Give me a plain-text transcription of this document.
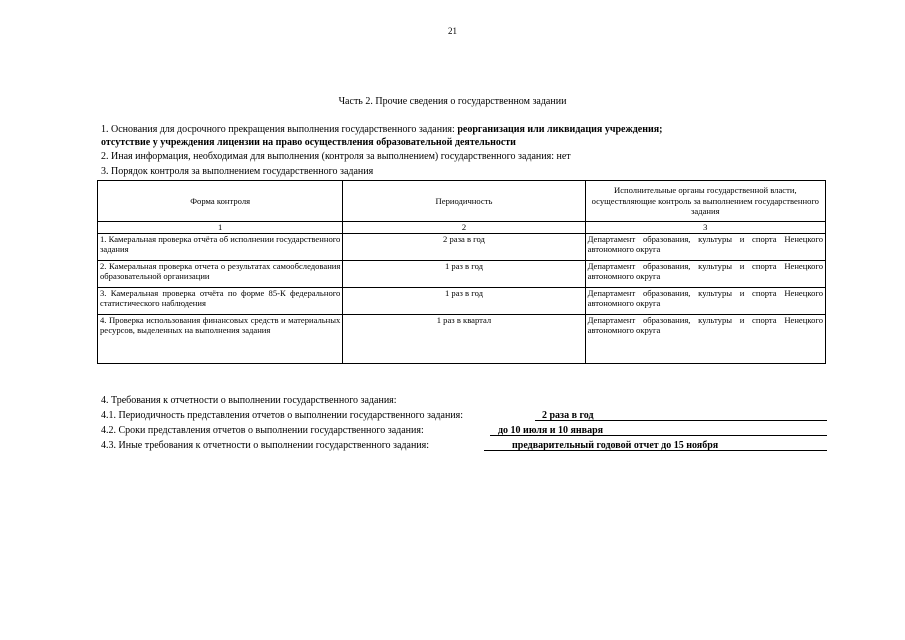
21
Часть 2. Прочие сведения о государственном задании
1. Основания для досрочного прекращения выполнения государственного задания: реорганизация или ликвидация учреждения;
отсутствие у учреждения лицензии на право осуществления образовательной деятельности
2. Иная информация, необходимая для выполнения (контроля за выполнением) государственного задания: нет
3. Порядок контроля за выполнением государственного задания
Форма контроля	Периодичность	Исполнительные органы государственной власти, осуществляющие контроль за выполнением государственного задания
1	2	3
1. Камеральная проверка отчёта об исполнении государственного задания	2 раза в год	Департамент образования, культуры и спорта Ненецкого автономного округа
2. Камеральная проверка отчета о результатах самообследования образовательной организации	1 раз в год	Департамент образования, культуры и спорта Ненецкого автономного округа
3. Камеральная проверка отчёта по форме 85-К федерального статистического наблюдения	1 раз в год	Департамент образования, культуры и спорта Ненецкого автономного округа
4. Проверка использования финансовых средств и материальных ресурсов, выделенных на выполнения задания	1 раз в квартал	Департамент образования, культуры и спорта Ненецкого автономного округа
4. Требования к отчетности о выполнении государственного задания:
4.1. Периодичность представления отчетов о выполнении государственного задания:	2 раза в год
4.2. Сроки представления отчетов о выполнении государственного задания:	до 10 июля и 10 января
4.3. Иные требования к отчетности о выполнении государственного задания:	предварительный годовой отчет до 15 ноября
